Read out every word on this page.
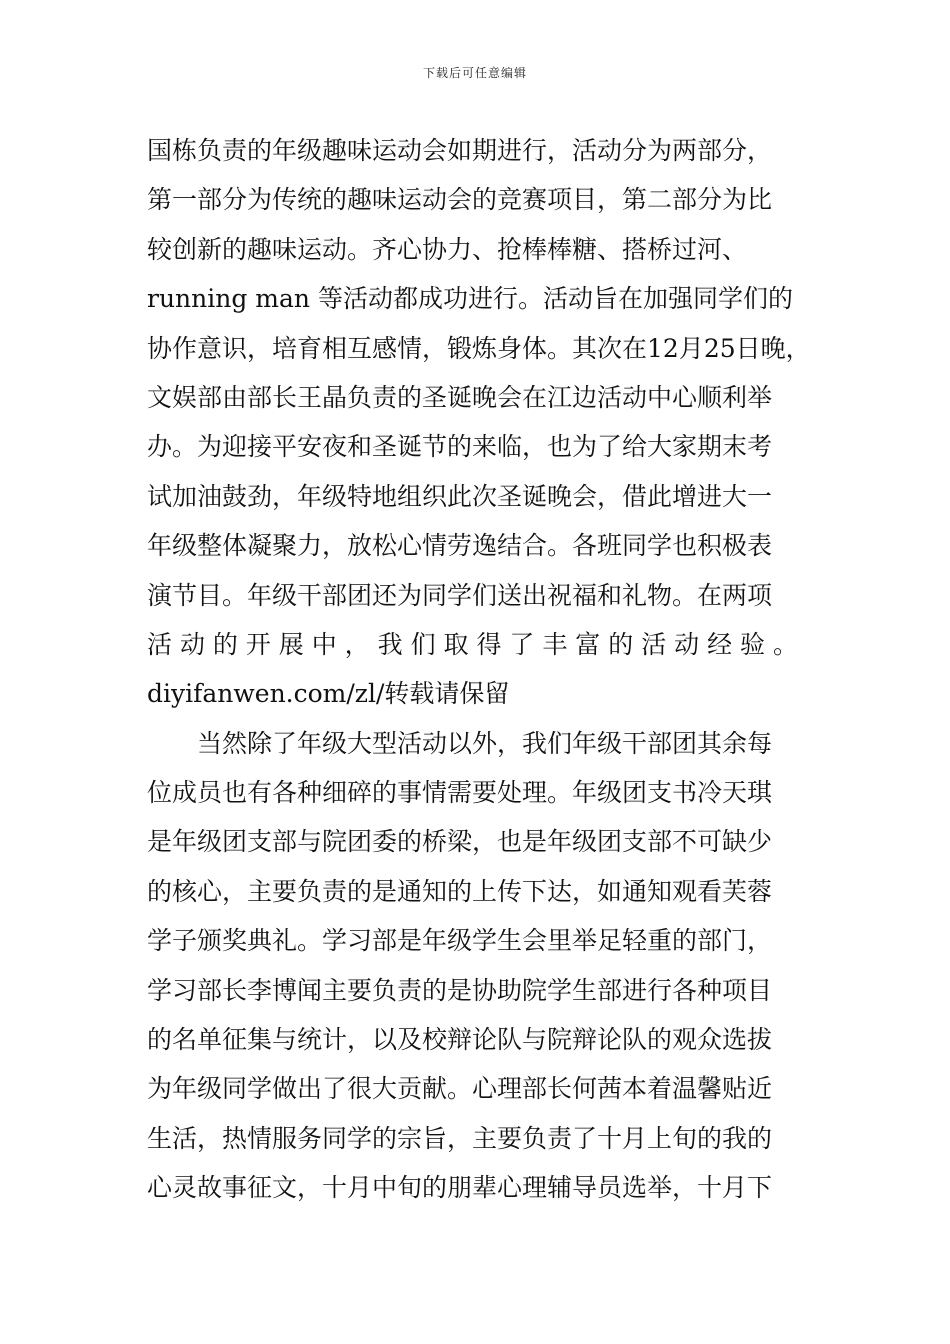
下载后可任意编辑
国栋负责的年级趣味运动会如期进行，活动分为两部分，
第一部分为传统的趣味运动会的竞赛项目，第二部分为比
较创新的趣味运动。齐心协力、抢棒棒糖、搭桥过河、
running man 等活动都成功进行。活动旨在加强同学们的
协作意识，培育相互感情，锻炼身体。其次在12月25日晚，
文娱部由部长王晶负责的圣诞晚会在江边活动中心顺利举
办。为迎接平安夜和圣诞节的来临，也为了给大家期末考
试加油鼓劲，年级特地组织此次圣诞晚会，借此增进大一
年级整体凝聚力，放松心情劳逸结合。各班同学也积极表
演节目。年级干部团还为同学们送出祝福和礼物。在两项
活 动 的 开 展 中 ， 我 们 取 得 了 丰 富 的 活 动 经 验 。
diyifanwen.com/zl/转载请保留
当然除了年级大型活动以外，我们年级干部团其余每
位成员也有各种细碎的事情需要处理。年级团支书冷天琪
是年级团支部与院团委的桥梁，也是年级团支部不可缺少
的核心，主要负责的是通知的上传下达，如通知观看芙蓉
学子颁奖典礼。学习部是年级学生会里举足轻重的部门，
学习部长李博闻主要负责的是协助院学生部进行各种项目
的名单征集与统计，以及校辩论队与院辩论队的观众选拔
为年级同学做出了很大贡献。心理部长何茜本着温馨贴近
生活，热情服务同学的宗旨，主要负责了十月上旬的我的
心灵故事征文，十月中旬的朋辈心理辅导员选举，十月下
